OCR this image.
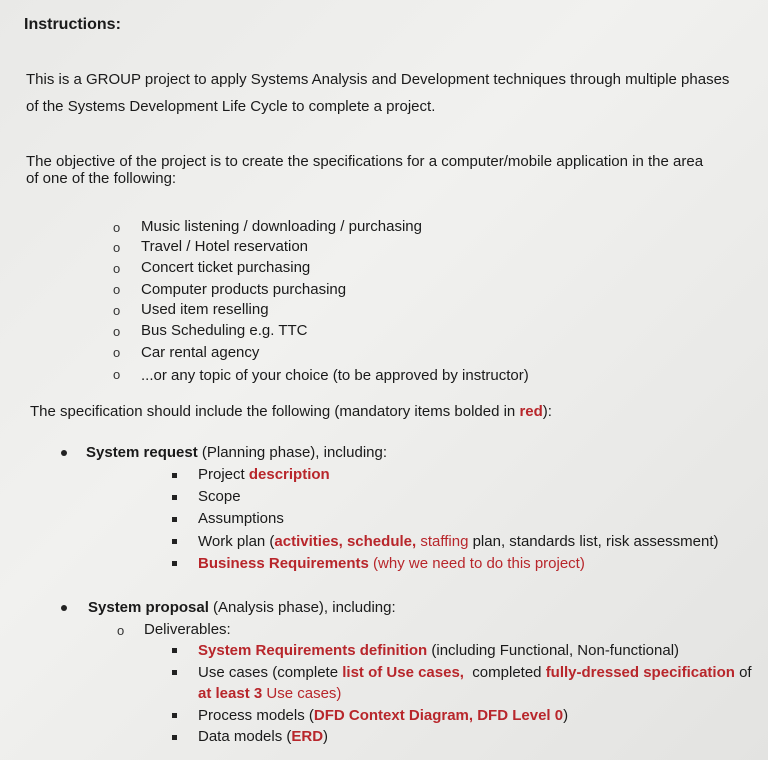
Instructions:
This is a GROUP project to apply Systems Analysis and Development techniques through multiple phases
of the Systems Development Life Cycle to complete a project.
The objective of the project is to create the specifications for a computer/mobile application in the area
of one of the following:
o Music listening / downloading / purchasing
o Travel / Hotel reservation
o Concert ticket purchasing
o Computer products purchasing
o Used item reselling
o Bus Scheduling e.g. TTC
o Car rental agency
o ...or any topic of your choice (to be approved by instructor)
The specification should include the following (mandatory items bolded in red):
System request (Planning phase), including:
Project description
Scope
Assumptions
Work plan (activities, schedule, staffing plan, standards list, risk assessment)
Business Requirements (why we need to do this project)
System proposal (Analysis phase), including:
o Deliverables:
System Requirements definition (including Functional, Non-functional)
Use cases (complete list of Use cases,  completed fully-dressed specification of
at least 3 Use cases)
Process models (DFD Context Diagram, DFD Level 0)
Data models (ERD)
